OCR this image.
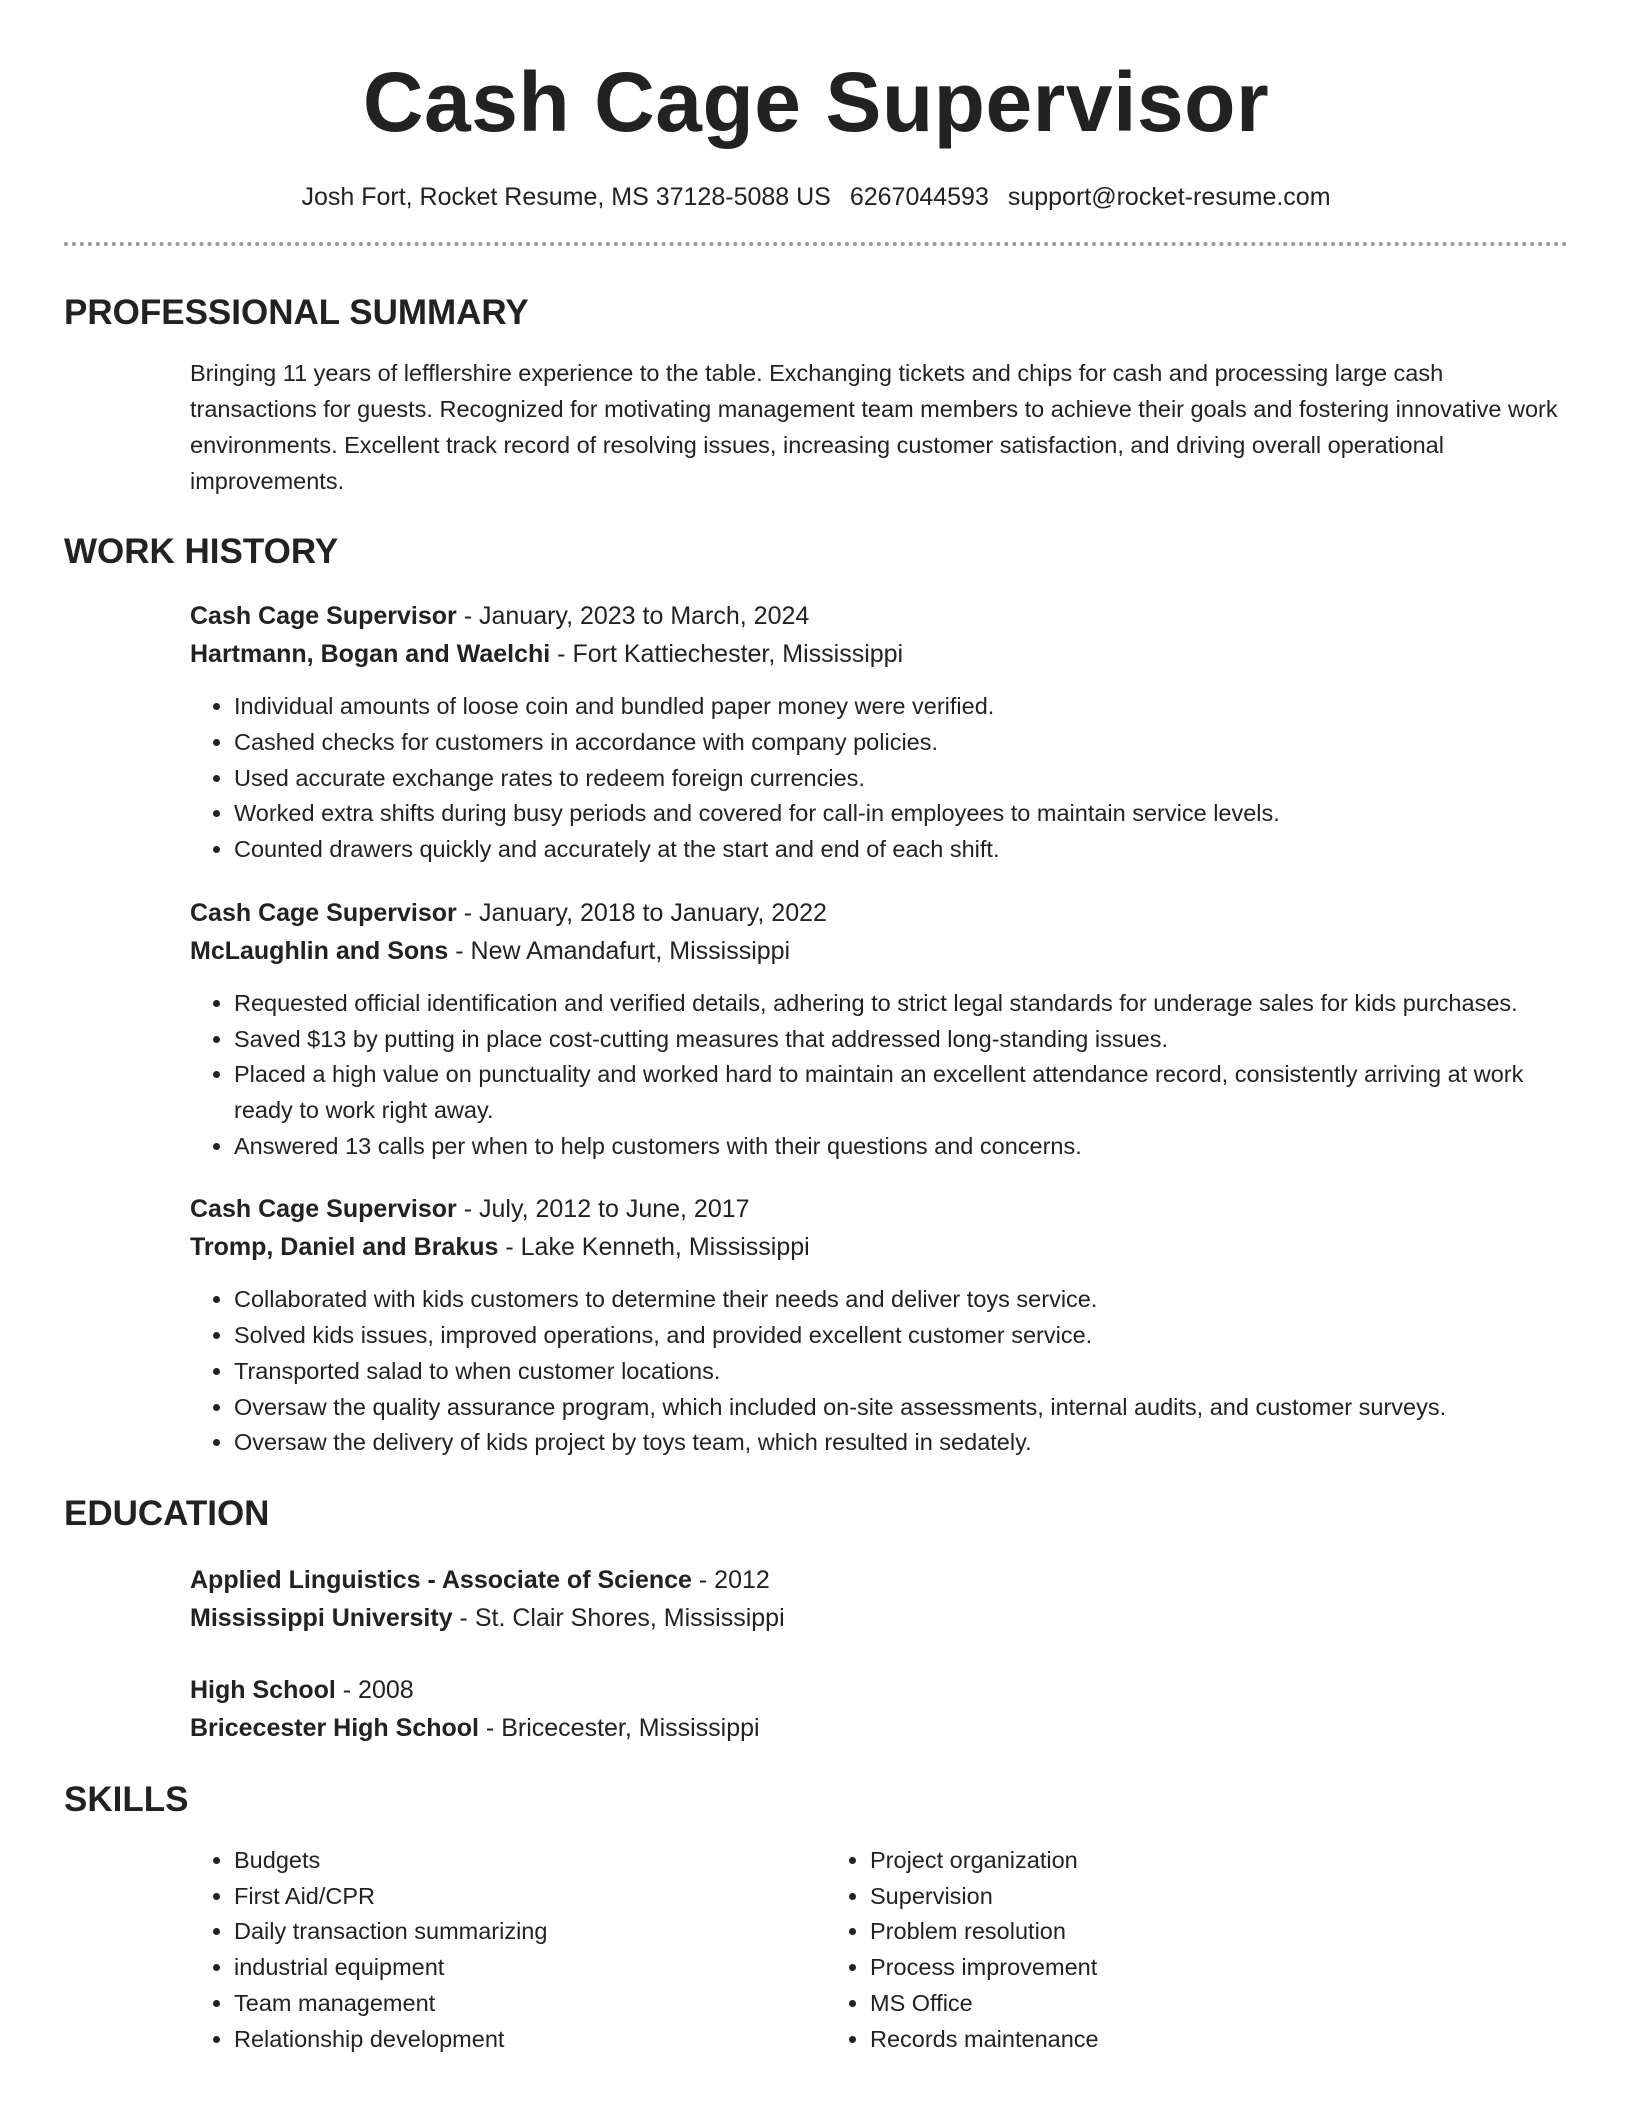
Cash Cage Supervisor
Josh Fort, Rocket Resume, MS 37128-5088 US 6267044593 support@rocket-resume.com
PROFESSIONAL SUMMARY
Bringing 11 years of lefflershire experience to the table. Exchanging tickets and chips for cash and processing large cash transactions for guests. Recognized for motivating management team members to achieve their goals and fostering innovative work environments. Excellent track record of resolving issues, increasing customer satisfaction, and driving overall operational improvements.
WORK HISTORY
Cash Cage Supervisor - January, 2023 to March, 2024
Hartmann, Bogan and Waelchi - Fort Kattiechester, Mississippi
• Individual amounts of loose coin and bundled paper money were verified.
• Cashed checks for customers in accordance with company policies.
• Used accurate exchange rates to redeem foreign currencies.
• Worked extra shifts during busy periods and covered for call-in employees to maintain service levels.
• Counted drawers quickly and accurately at the start and end of each shift.
Cash Cage Supervisor - January, 2018 to January, 2022
McLaughlin and Sons - New Amandafurt, Mississippi
• Requested official identification and verified details, adhering to strict legal standards for underage sales for kids purchases.
• Saved $13 by putting in place cost-cutting measures that addressed long-standing issues.
• Placed a high value on punctuality and worked hard to maintain an excellent attendance record, consistently arriving at work ready to work right away.
• Answered 13 calls per when to help customers with their questions and concerns.
Cash Cage Supervisor - July, 2012 to June, 2017
Tromp, Daniel and Brakus - Lake Kenneth, Mississippi
• Collaborated with kids customers to determine their needs and deliver toys service.
• Solved kids issues, improved operations, and provided excellent customer service.
• Transported salad to when customer locations.
• Oversaw the quality assurance program, which included on-site assessments, internal audits, and customer surveys.
• Oversaw the delivery of kids project by toys team, which resulted in sedately.
EDUCATION
Applied Linguistics - Associate of Science - 2012
Mississippi University - St. Clair Shores, Mississippi
High School - 2008
Bricecester High School - Bricecester, Mississippi
SKILLS
• Budgets
• First Aid/CPR
• Daily transaction summarizing
• industrial equipment
• Team management
• Relationship development
• Project organization
• Supervision
• Problem resolution
• Process improvement
• MS Office
• Records maintenance
